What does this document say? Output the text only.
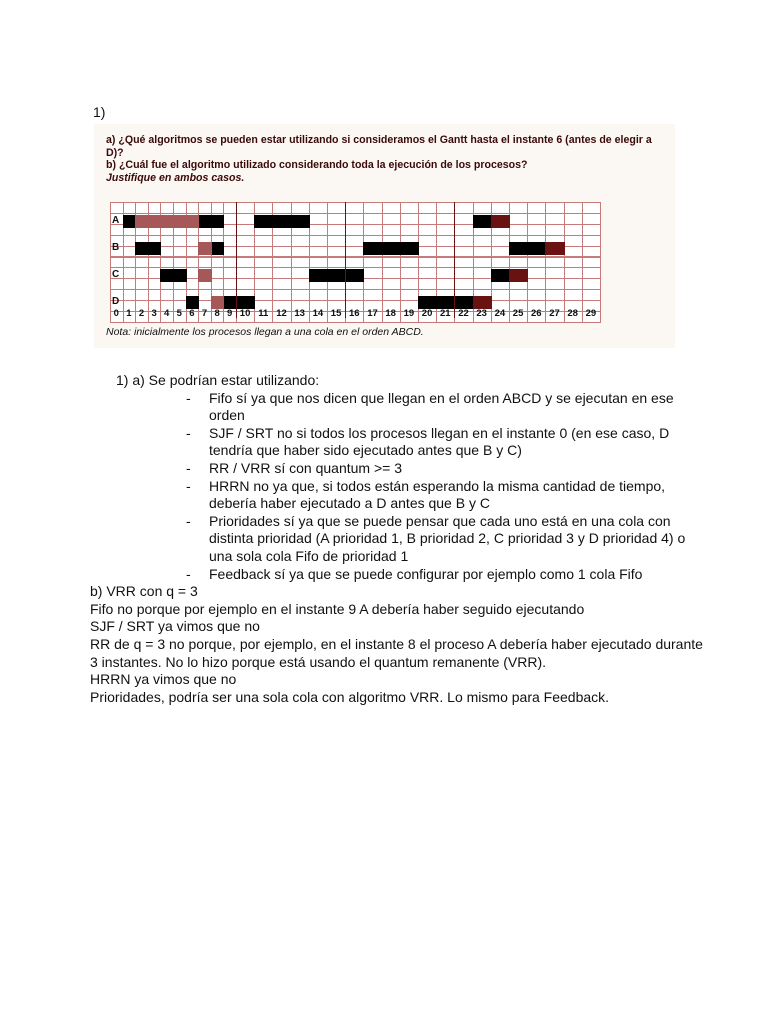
1)
a) ¿Qué algoritmos se pueden estar utilizando si consideramos el Gantt hasta el instante 6 (antes de elegir a D)?
b) ¿Cuál fue el algoritmo utilizado considerando toda la ejecución de los procesos?
Justifique en ambos casos.
Nota: inicialmente los procesos llegan a una cola en el orden ABCD.
A
B
C
D
0 1 2 3 4 5 6 7 8 9 10 11 12 13 14 15 16 17 18 19 20 21 22 23 24 25 26 27 28 29
1) a) Se podrían estar utilizando:
- Fifo sí ya que nos dicen que llegan en el orden ABCD y se ejecutan en ese orden
- SJF / SRT no si todos los procesos llegan en el instante 0 (en ese caso, D tendría que haber sido ejecutado antes que B y C)
- RR / VRR sí con quantum >= 3
- HRRN no ya que, si todos están esperando la misma cantidad de tiempo, debería haber ejecutado a D antes que B y C
- Prioridades sí ya que se puede pensar que cada uno está en una cola con distinta prioridad (A prioridad 1, B prioridad 2, C prioridad 3 y D prioridad 4) o una sola cola Fifo de prioridad 1
- Feedback sí ya que se puede configurar por ejemplo como 1 cola Fifo
b) VRR con q = 3
Fifo no porque por ejemplo en el instante 9 A debería haber seguido ejecutando
SJF / SRT ya vimos que no
RR de q = 3 no porque, por ejemplo, en el instante 8 el proceso A debería haber ejecutado durante 3 instantes. No lo hizo porque está usando el quantum remanente (VRR).
HRRN ya vimos que no
Prioridades, podría ser una sola cola con algoritmo VRR. Lo mismo para Feedback.
